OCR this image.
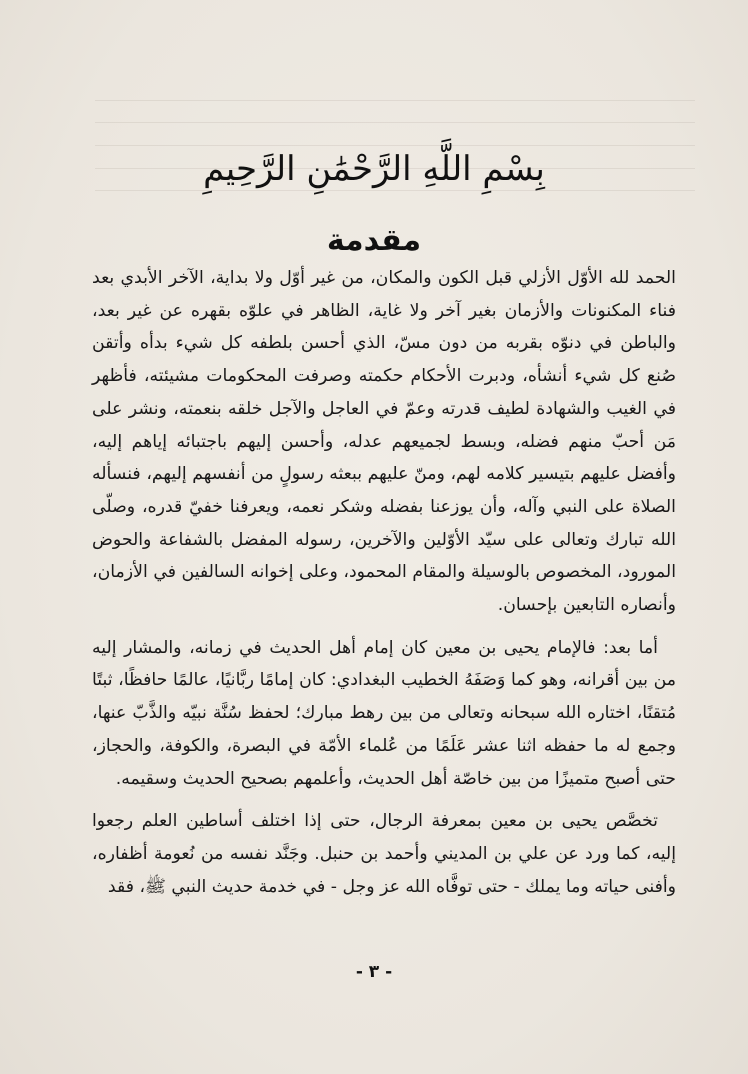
بِسْمِ اللَّهِ الرَّحْمَٰنِ الرَّحِيمِ
مقدمة

الحمد لله الأوّل الأزلي قبل الكون والمكان، من غير أوّل ولا بداية، الآخر الأبدي بعد فناء المكنونات والأزمان بغير آخر ولا غاية، الظاهر في علوّه بقهره عن غير بعد، والباطن في دنوّه بقربه من دون مسّ، الذي أحسن بلطفه كل شيء بدأه وأتقن صُنع كل شيء أنشأه، ودبرت الأحكام حكمته وصرفت المحكومات مشيئته، فأظهر في الغيب والشهادة لطيف قدرته وعمّ في العاجل والآجل خلقه بنعمته، ونشر على مَن أحبّ منهم فضله، وبسط لجميعهم عدله، وأحسن إليهم باجتبائه إياهم إليه، وأفضل عليهم بتيسير كلامه لهم، ومنّ عليهم ببعثه رسولٍ من أنفسهم إليهم، فنسأله الصلاة على النبي وآله، وأن يوزعنا بفضله وشكر نعمه، ويعرفنا خفيّ قدره، وصلّى الله تبارك وتعالى على سيّد الأوّلين والآخرين، رسوله المفضل بالشفاعة والحوض المورود، المخصوص بالوسيلة والمقام المحمود، وعلى إخوانه السالفين في الأزمان، وأنصاره التابعين بإحسان.

أما بعد: فالإمام يحيى بن معين كان إمام أهل الحديث في زمانه، والمشار إليه من بين أقرانه، وهو كما وَصَفَهُ الخطيب البغدادي: كان إمامًا ربَّانيًا، عالمًا حافظًا، ثبتًا مُتقنًا، اختاره الله سبحانه وتعالى من بين رهط مبارك؛ لحفظ سُنَّة نبيّه والذَّبّ عنها، وجمع له ما حفظه اثنا عشر عَلَمًا من عُلماء الأمّة في البصرة، والكوفة، والحجاز، حتى أصبح متميزًا من بين خاصّة أهل الحديث، وأعلمهم بصحيح الحديث وسقيمه.

تخصَّص يحيى بن معين بمعرفة الرجال، حتى إذا اختلف أساطين العلم رجعوا إليه، كما ورد عن علي بن المديني وأحمد بن حنبل. وجَنَّد نفسه من نُعومة أظفاره، وأفنى حياته وما يملك - حتى توفَّاه الله عز وجل - في خدمة حديث النبي ﷺ، فقد

- ٣ -
